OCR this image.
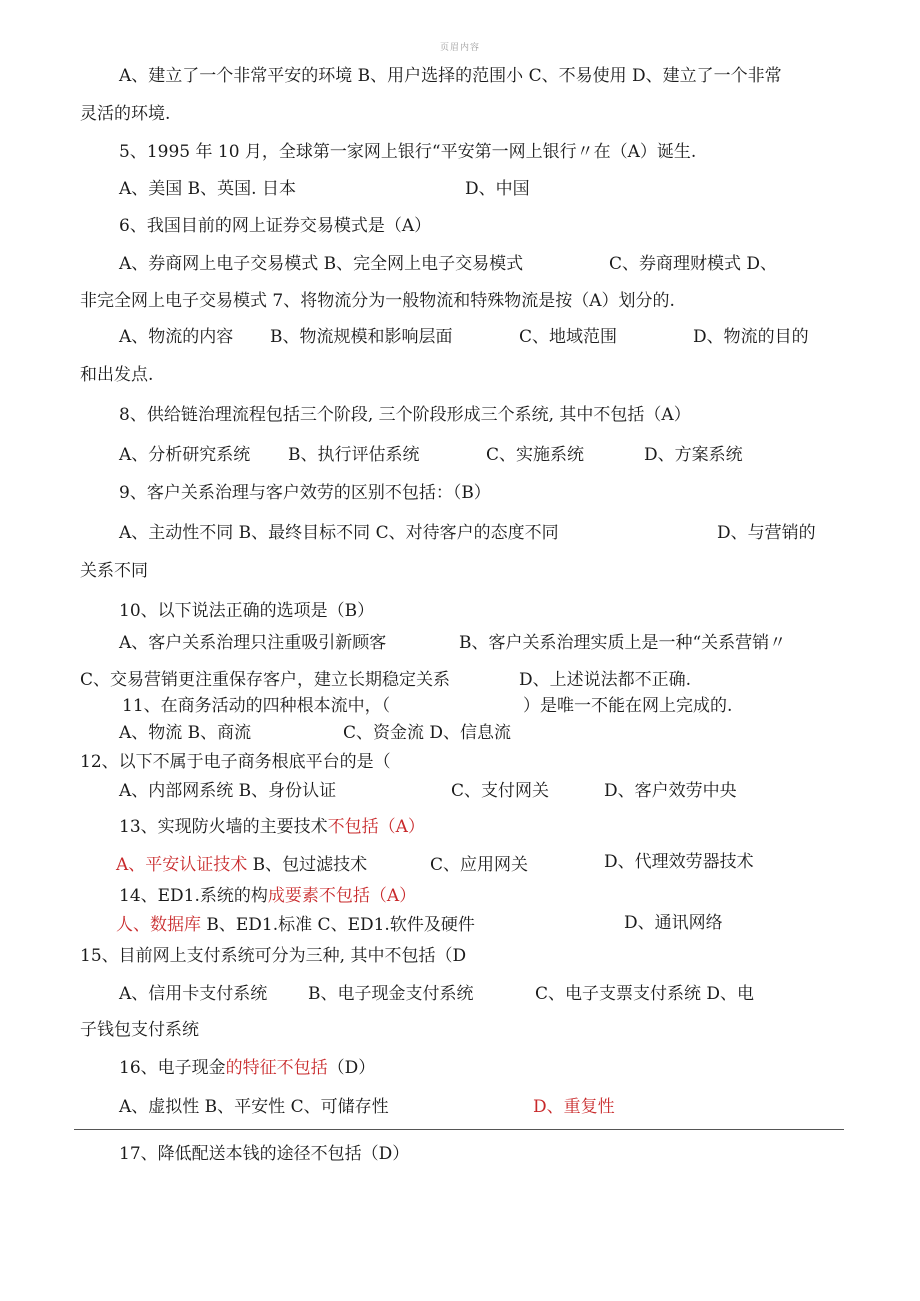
页眉内容
A、建立了一个非常平安的环境 B、用户选择的范围小 C、不易使用 D、建立了一个非常
灵活的环境.
5、1995 年 10 月，全球第一家网上银行“平安第一网上银行〃在（A）诞生.
A、美国 B、英国. 日本	D、中国
6、我国目前的网上证券交易模式是（A）
A、券商网上电子交易模式 B、完全网上电子交易模式	C、券商理财模式 D、
非完全网上电子交易模式 7、将物流分为一般物流和特殊物流是按（A）划分的.
A、物流的内容 B、物流规模和影响层面	C、地域范围	D、物流的目的
和出发点.
8、供给链治理流程包括三个阶段, 三个阶段形成三个系统, 其中不包括（A）
A、分析研究系统 B、执行评估系统	C、实施系统	D、方案系统
9、客户关系治理与客户效劳的区别不包括：（B）
A、主动性不同 B、最终目标不同 C、对待客户的态度不同	D、与营销的
关系不同
10、以下说法正确的选项是（B）
A、客户关系治理只注重吸引新顾客	B、客户关系治理实质上是一种“关系营销〃
C、交易营销更注重保存客户，建立长期稳定关系	D、上述说法都不正确.
11、在商务活动的四种根本流中，（	）是唯一不能在网上完成的.
A、物流 B、商流	C、资金流 D、信息流
12、以下不属于电子商务根底平台的是（
A、内部网系统 B、身份认证	C、支付网关	D、客户效劳中央
13、实现防火墙的主要技术不包括（A）
A、平安认证技术 B、包过滤技术	C、应用网关	D、代理效劳器技术
14、ED1.系统的构成要素不包括（A）
人、数据库 B、ED1.标准 C、ED1.软件及硬件	D、通讯网络
15、目前网上支付系统可分为三种, 其中不包括（D
A、信用卡支付系统 B、电子现金支付系统	C、电子支票支付系统 D、电
子钱包支付系统
16、电子现金的特征不包括（D）
A、虚拟性 B、平安性 C、可储存性	D、重复性
17、降低配送本钱的途径不包括（D）
